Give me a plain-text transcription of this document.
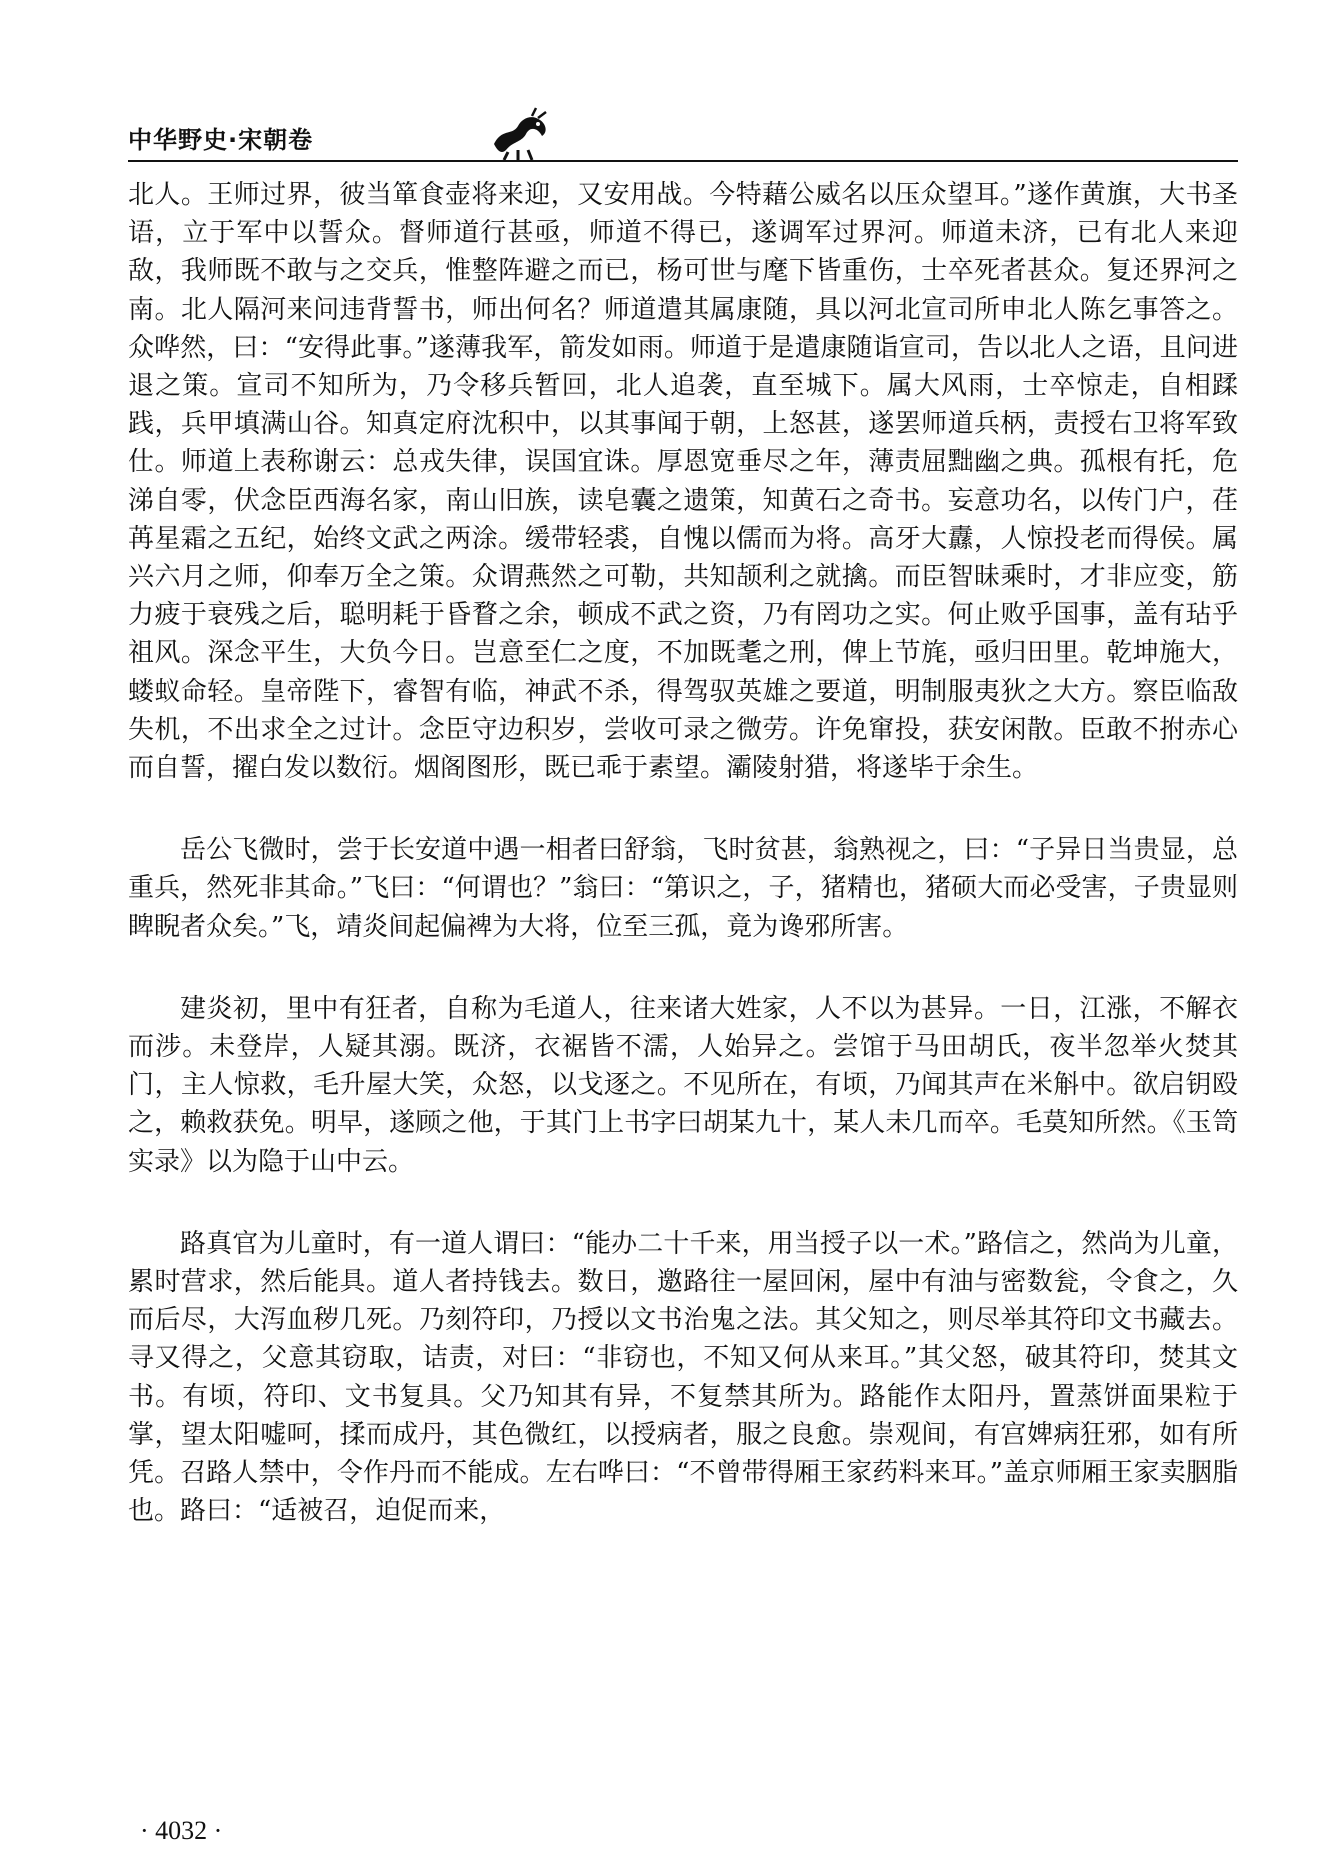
中华野史·宋朝卷

北人。王师过界，彼当箪食壶将来迎，又安用战。今特藉公威名以压众望耳。”遂作黄旗，大书圣语，立于军中以誓众。督师道行甚亟，师道不得已，遂调军过界河。师道未济，已有北人来迎敌，我师既不敢与之交兵，惟整阵避之而已，杨可世与麾下皆重伤，士卒死者甚众。复还界河之南。北人隔河来问违背誓书，师出何名？师道遣其属康随，具以河北宣司所申北人陈乞事答之。众哗然，曰：“安得此事。”遂薄我军，箭发如雨。师道于是遣康随诣宣司，告以北人之语，且问进退之策。宣司不知所为，乃令移兵暂回，北人追袭，直至城下。属大风雨，士卒惊走，自相蹂践，兵甲填满山谷。知真定府沈积中，以其事闻于朝，上怒甚，遂罢师道兵柄，责授右卫将军致仕。师道上表称谢云：总戎失律，误国宜诛。厚恩宽垂尽之年，薄责屈黜幽之典。孤根有托，危涕自零，伏念臣西海名家，南山旧族，读皂囊之遗策，知黄石之奇书。妄意功名，以传门户，荏苒星霜之五纪，始终文武之两涂。缓带轻裘，自愧以儒而为将。高牙大纛，人惊投老而得侯。属兴六月之师，仰奉万全之策。众谓燕然之可勒，共知颉利之就擒。而臣智昧乘时，才非应变，筋力疲于衰残之后，聪明耗于昏瞀之余，顿成不武之资，乃有罔功之实。何止败乎国事，盖有玷乎祖风。深念平生，大负今日。岂意至仁之度，不加既耄之刑，俾上节旄，亟归田里。乾坤施大，蝼蚁命轻。皇帝陛下，睿智有临，神武不杀，得驾驭英雄之要道，明制服夷狄之大方。察臣临敌失机，不出求全之过计。念臣守边积岁，尝收可录之微劳。许免窜投，获安闲散。臣敢不拊赤心而自誓，擢白发以数衍。烟阁图形，既已乖于素望。灞陵射猎，将遂毕于余生。

岳公飞微时，尝于长安道中遇一相者曰舒翁，飞时贫甚，翁熟视之，曰：“子异日当贵显，总重兵，然死非其命。”飞曰：“何谓也？”翁曰：“第识之，子，猪精也，猪硕大而必受害，子贵显则睥睨者众矣。”飞，靖炎间起偏裨为大将，位至三孤，竟为谗邪所害。

建炎初，里中有狂者，自称为毛道人，往来诸大姓家，人不以为甚异。一日，江涨，不解衣而涉。未登岸，人疑其溺。既济，衣裾皆不濡，人始异之。尝馆于马田胡氏，夜半忽举火焚其门，主人惊救，毛升屋大笑，众怒，以戈逐之。不见所在，有顷，乃闻其声在米斛中。欲启钥殴之，赖救获免。明早，遂顾之他，于其门上书字曰胡某九十，某人未几而卒。毛莫知所然。《玉笥实录》以为隐于山中云。

路真官为儿童时，有一道人谓曰：“能办二十千来，用当授子以一术。”路信之，然尚为儿童，累时营求，然后能具。道人者持钱去。数日，邀路往一屋回闲，屋中有油与密数瓮，令食之，久而后尽，大泻血秽几死。乃刻符印，乃授以文书治鬼之法。其父知之，则尽举其符印文书藏去。寻又得之，父意其窃取，诘责，对曰：“非窃也，不知又何从来耳。”其父怒，破其符印，焚其文书。有顷，符印、文书复具。父乃知其有异，不复禁其所为。路能作太阳丹，置蒸饼面果粒于掌，望太阳嘘呵，揉而成丹，其色微红，以授病者，服之良愈。崇观间，有宫婢病狂邪，如有所凭。召路人禁中，令作丹而不能成。左右哗曰：“不曾带得厢王家药料来耳。”盖京师厢王家卖胭脂也。路曰：“适被召，迫促而来，

· 4032 ·
